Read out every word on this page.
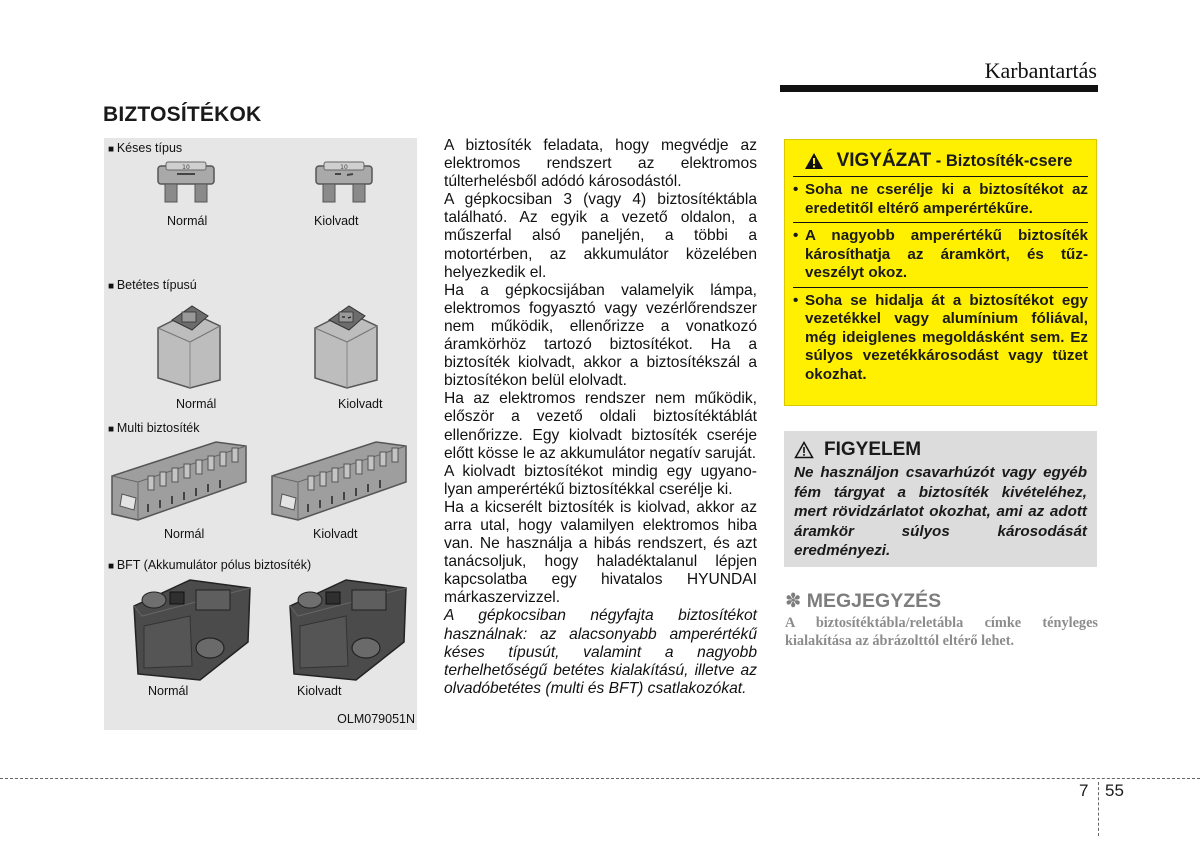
Karbantartás
BIZTOSÍTÉKOK
■ Késes típus
10	10
Normál	Kiolvadt
■ Betétes típusú
Normál	Kiolvadt
■ Multi biztosíték
Normál	Kiolvadt
■ BFT (Akkumulátor pólus biztosíték)
Normál	Kiolvadt
OLM079051N

A biztosíték feladata, hogy megvédje az elektromos rendszert az elektromos túlterhelésből adódó károsodástól.

A gépkocsiban 3 (vagy 4) biztosítéktábla található. Az egyik a vezető oldalon, a műszerfal alsó paneljén, a többi a motortérben, az akkumulátor közelében helyezkedik el.

Ha a gépkocsijában valamelyik lámpa, elektromos fogyasztó vagy vezérlőrendszer nem működik, ellenőrizze a vonatkozó áramkörhöz tartozó biztosítékot. Ha a biztosíték kiolvadt, akkor a biztosítékszál a biztosítékon belül elolvadt.

Ha az elektromos rendszer nem működik, először a vezető oldali biztosítéktáblát ellenőrizze. Egy kiolvadt biztosíték cseréje előtt kösse le az akkumulátor negatív saruját.

A kiolvadt biztosítékot mindig egy ugyanolyan amperértékű biztosítékkal cserélje ki.

Ha a kicserélt biztosíték is kiolvad, akkor az arra utal, hogy valamilyen elektromos hiba van. Ne használja a hibás rendszert, és azt tanácsoljuk, hogy haladéktalanul lépjen kapcsolatba egy hivatalos HYUNDAI márkaszervizzel.

A gépkocsiban négyfajta biztosítékot használnak: az alacsonyabb amperértékű késes típusút, valamint a nagyobb terhelhetőségű betétes kialakítású, illetve az olvadóbetétes (multi és BFT) csatlakozókat.

VIGYÁZAT - Biztosíték-csere
• Soha ne cserélje ki a biztosítékot az eredetitől eltérő amperértékűre.
• A nagyobb amperértékű biztosíték károsíthatja az áramkört, és tűzveszélyt okoz.
• Soha se hidalja át a biztosítékot egy vezetékkel vagy alumínium fóliával, még ideiglenes megoldásként sem. Ez súlyos vezetékkárosodást vagy tüzet okozhat.
FIGYELEM
Ne használjon csavarhúzót vagy egyéb fém tárgyat a biztosíték kivételéhez, mert rövidzárlatot okozhat, ami az adott áramkör súlyos károsodását eredményezi.
✽ MEGJEGYZÉS
A biztosítéktábla/reletábla címke tényleges kialakítása az ábrázolttól eltérő lehet.
7 55
